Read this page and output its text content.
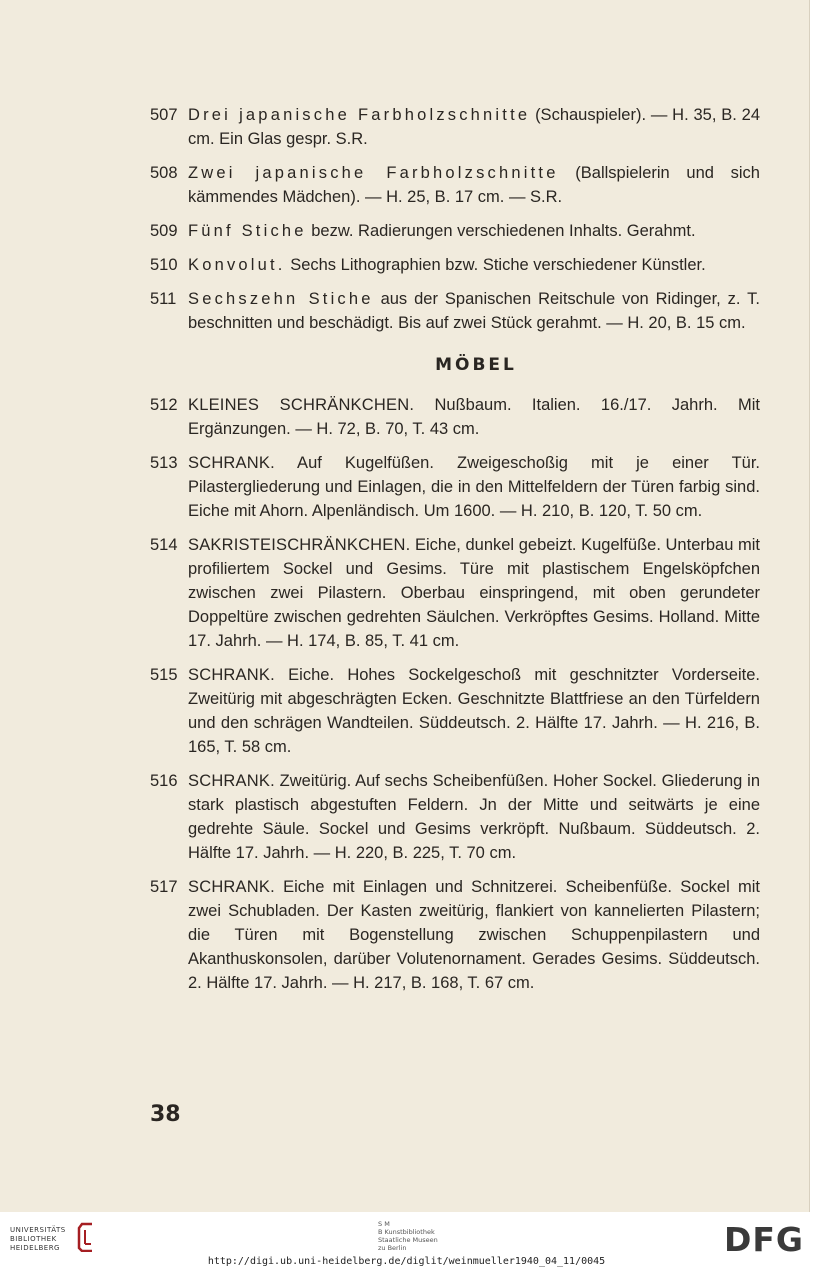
507 Drei japanische Farbholzschnitte (Schauspieler). — H. 35, B. 24 cm. Ein Glas gespr. S.R.
508 Zwei japanische Farbholzschnitte (Ballspielerin und sich kämmendes Mädchen). — H. 25, B. 17 cm. — S.R.
509 Fünf Stiche bezw. Radierungen verschiedenen Inhalts. Gerahmt.
510 Konvolut. Sechs Lithographien bzw. Stiche verschiedener Künstler.
511 Sechszehn Stiche aus der Spanischen Reitschule von Ridinger, z. T. beschnitten und beschädigt. Bis auf zwei Stück gerahmt. — H. 20, B. 15 cm.
MÖBEL
512 KLEINES SCHRÄNKCHEN. Nußbaum. Italien. 16./17. Jahrh. Mit Ergänzungen. — H. 72, B. 70, T. 43 cm.
513 SCHRANK. Auf Kugelfüßen. Zweigeschoßig mit je einer Tür. Pilastergliederung und Einlagen, die in den Mittelfeldern der Türen farbig sind. Eiche mit Ahorn. Alpenländisch. Um 1600. — H. 210, B. 120, T. 50 cm.
514 SAKRISTEISCHRÄNKCHEN. Eiche, dunkel gebeizt. Kugelfüße. Unterbau mit profiliertem Sockel und Gesims. Türe mit plastischem Engelsköpfchen zwischen zwei Pilastern. Oberbau einspringend, mit oben gerundeter Doppeltüre zwischen gedrehten Säulchen. Verkröpftes Gesims. Holland. Mitte 17. Jahrh. — H. 174, B. 85, T. 41 cm.
515 SCHRANK. Eiche. Hohes Sockelgeschoß mit geschnitzter Vorderseite. Zweitürig mit abgeschrägten Ecken. Geschnitzte Blattfriese an den Türfeldern und den schrägen Wandteilen. Süddeutsch. 2. Hälfte 17. Jahrh. — H. 216, B. 165, T. 58 cm.
516 SCHRANK. Zweitürig. Auf sechs Scheibenfüßen. Hoher Sockel. Gliederung in stark plastisch abgestuften Feldern. Jn der Mitte und seitwärts je eine gedrehte Säule. Sockel und Gesims verkröpft. Nußbaum. Süddeutsch. 2. Hälfte 17. Jahrh. — H. 220, B. 225, T. 70 cm.
517 SCHRANK. Eiche mit Einlagen und Schnitzerei. Scheibenfüße. Sockel mit zwei Schubladen. Der Kasten zweitürig, flankiert von kannelierten Pilastern; die Türen mit Bogenstellung zwischen Schuppenpilastern und Akanthuskonsolen, darüber Volutenornament. Gerades Gesims. Süddeutsch. 2. Hälfte 17. Jahrh. — H. 217, B. 168, T. 67 cm.
38
UNIVERSITÄTS
BIBLIOTHEK
HEIDELBERG
S M
B Kunstbibliothek
Staatliche Museen
zu Berlin	DFG
http://digi.ub.uni-heidelberg.de/diglit/weinmueller1940_04_11/0045
